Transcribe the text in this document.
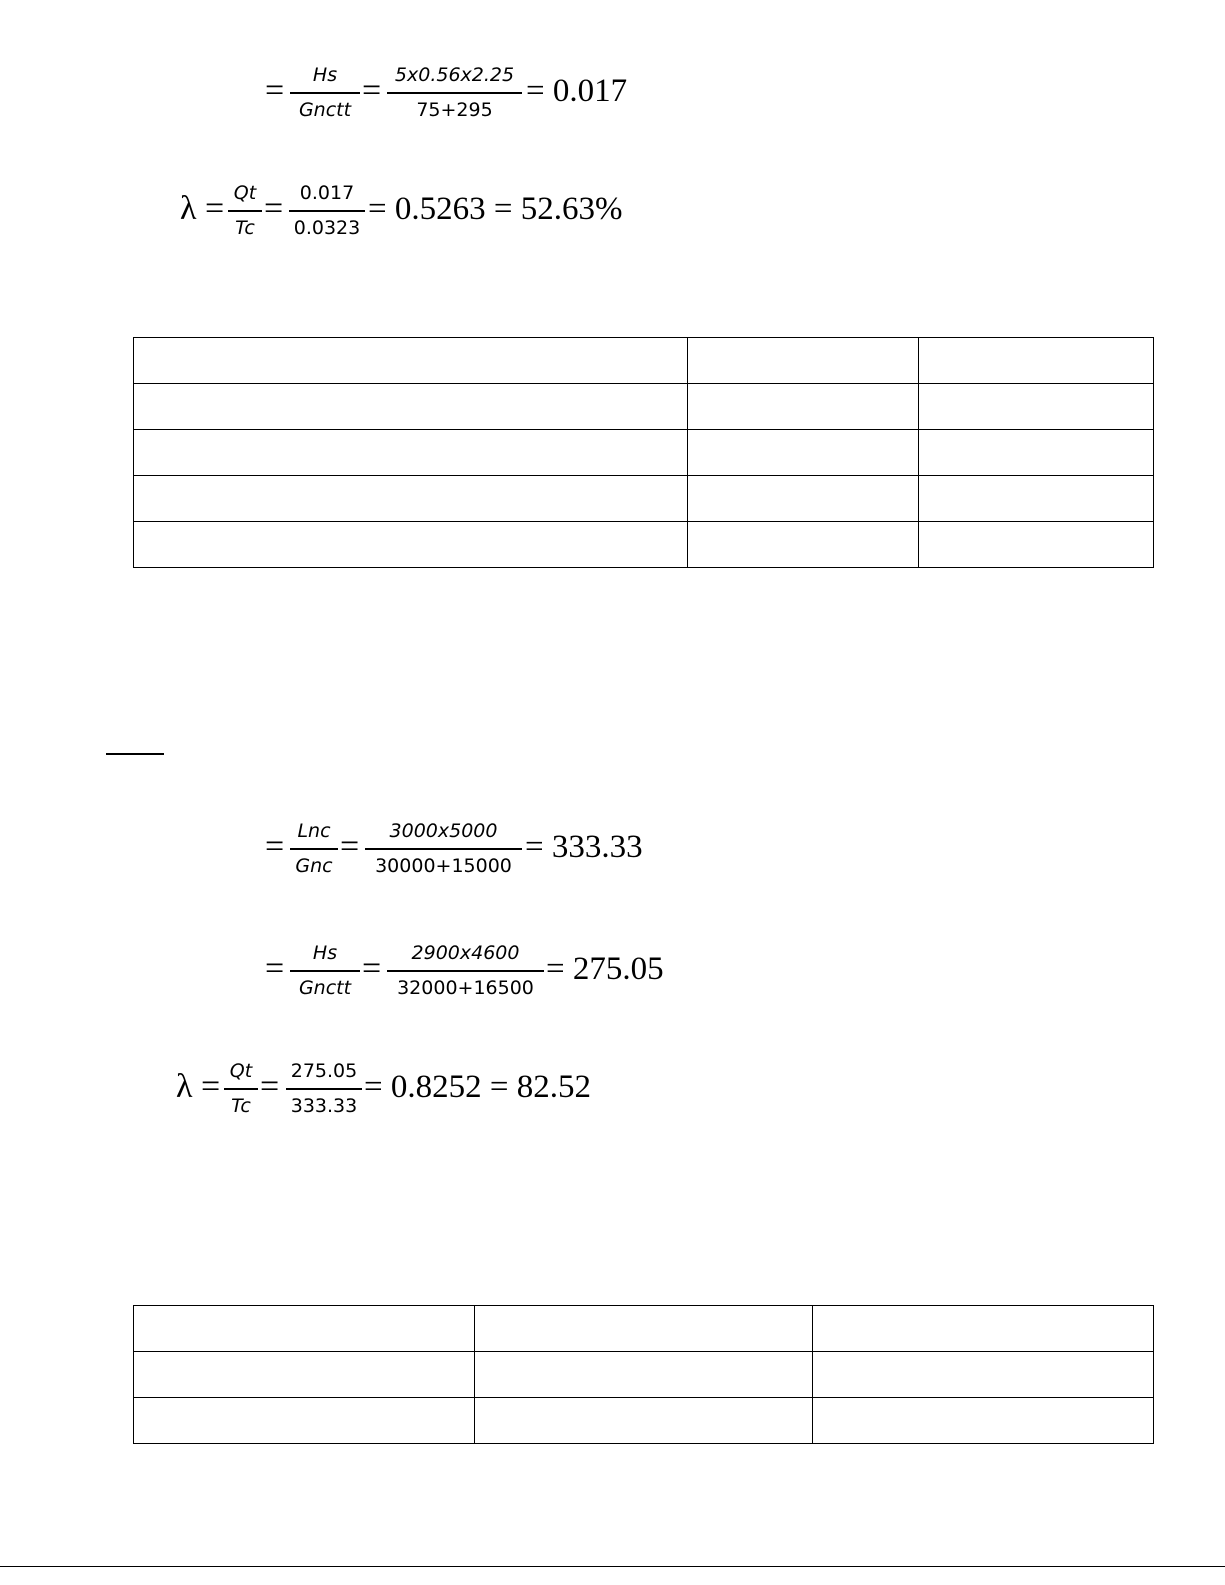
=	Hs
Gnctt
= 5x0.56x2.25
75+295
= 0.017
λ = Qt
Tc
= 0.017
0.0323
= 0.5263 = 52.63%

= Lnc
Gnc
=	3000x5000
30000+15000
= 333.33
=	Hs
Gnctt
=	2900x4600
32000+16500
= 275.05
λ = Qt
Tc
= 275.05
333.33
= 0.8252 = 82.52
